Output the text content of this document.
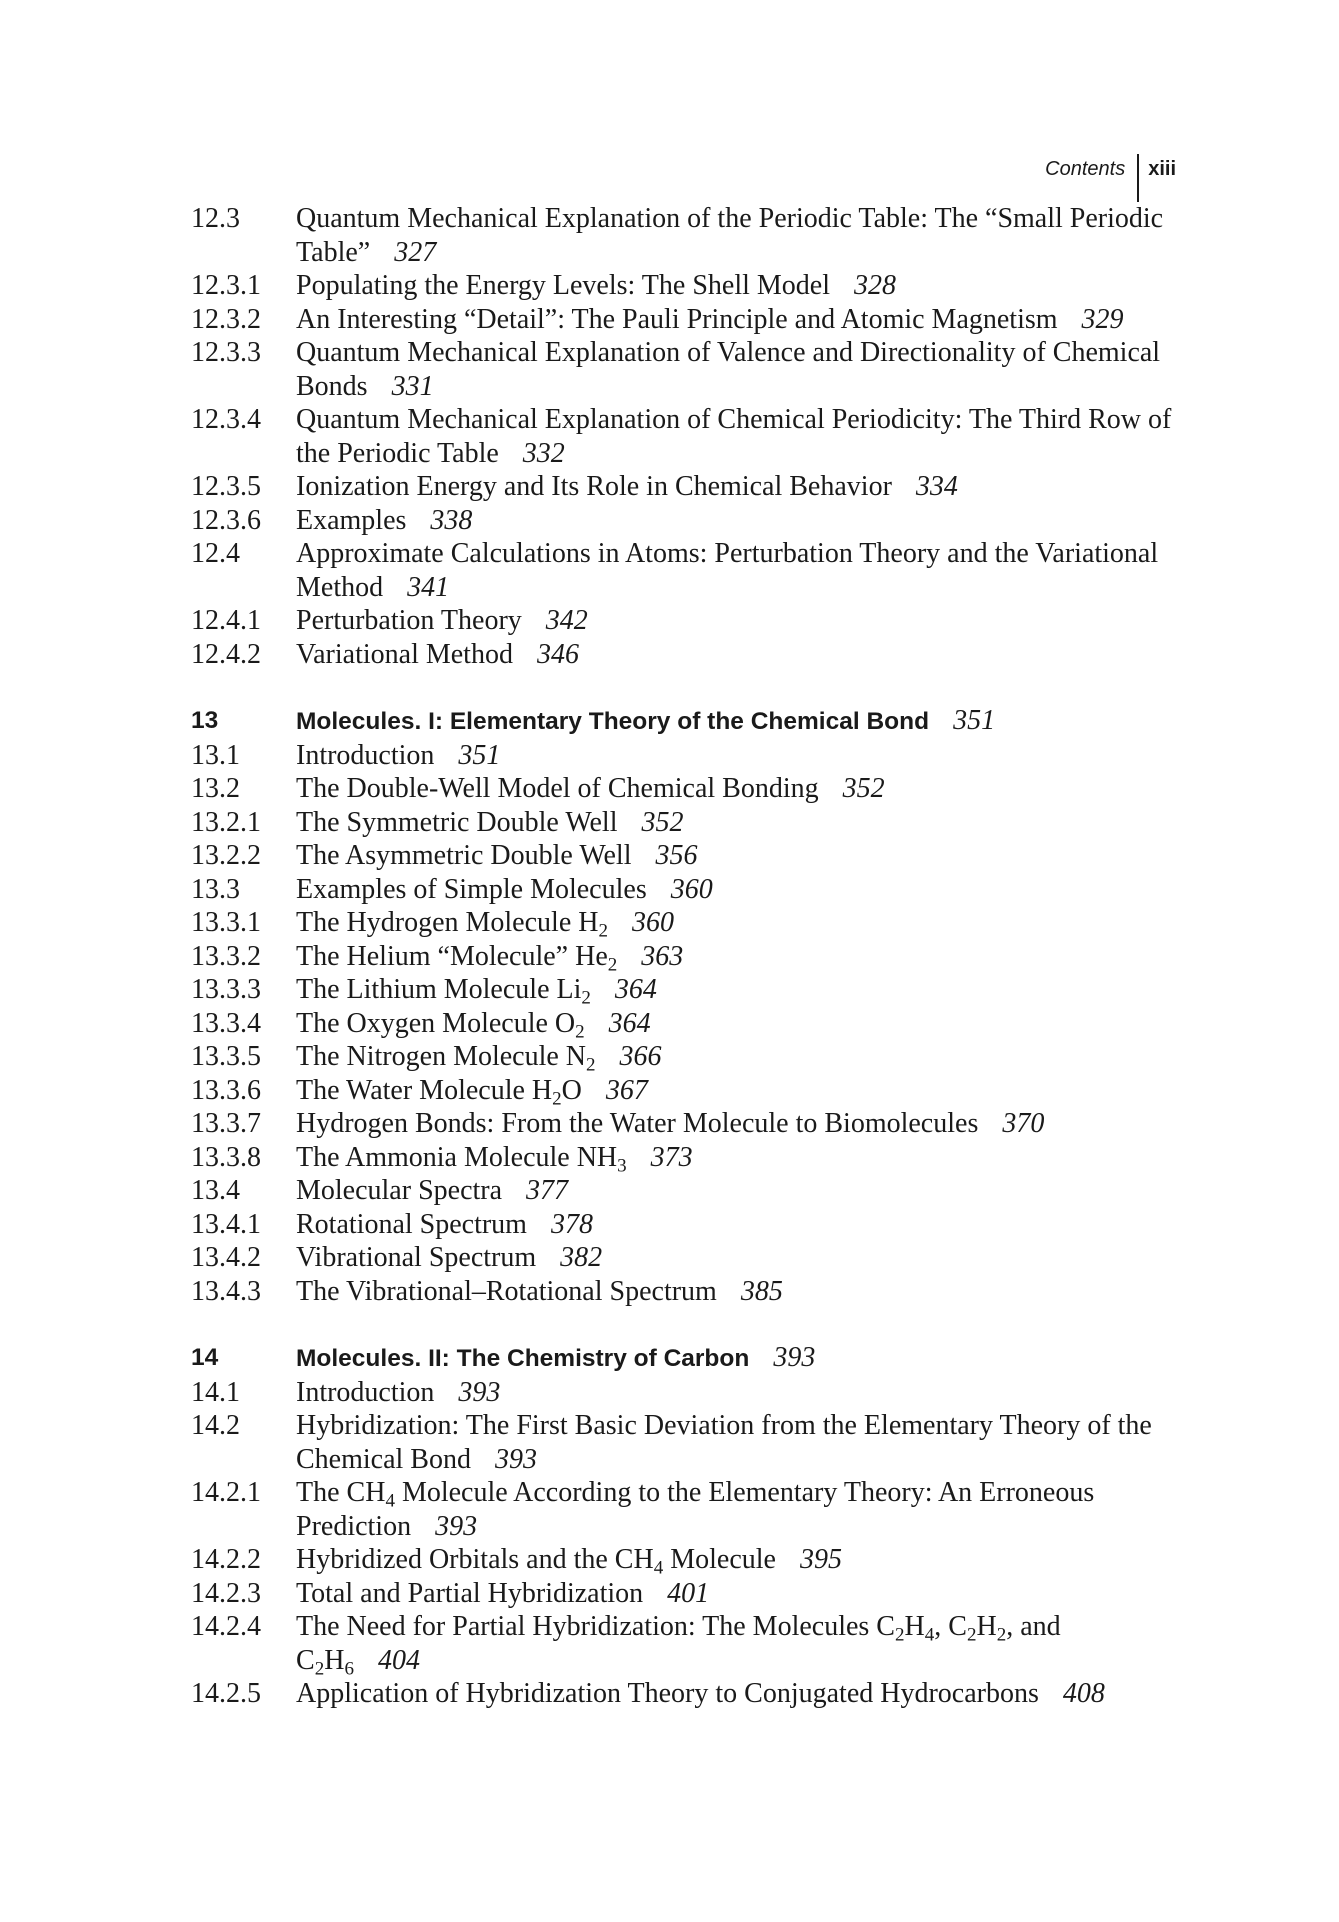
Contents xiii
12.3	Quantum Mechanical Explanation of the Periodic Table: The “Small Periodic Table” 327
12.3.1	Populating the Energy Levels: The Shell Model 328
12.3.2	An Interesting “Detail”: The Pauli Principle and Atomic Magnetism 329
12.3.3	Quantum Mechanical Explanation of Valence and Directionality of Chemical Bonds 331
12.3.4	Quantum Mechanical Explanation of Chemical Periodicity: The Third Row of the Periodic Table 332
12.3.5	Ionization Energy and Its Role in Chemical Behavior 334
12.3.6	Examples 338
12.4	Approximate Calculations in Atoms: Perturbation Theory and the Variational Method 341
12.4.1	Perturbation Theory 342
12.4.2	Variational Method 346
13	Molecules. I: Elementary Theory of the Chemical Bond 351
13.1	Introduction 351
13.2	The Double-Well Model of Chemical Bonding 352
13.2.1	The Symmetric Double Well 352
13.2.2	The Asymmetric Double Well 356
13.3	Examples of Simple Molecules 360
13.3.1	The Hydrogen Molecule $H_2$ 360
13.3.2	The Helium “Molecule” $He_2$ 363
13.3.3	The Lithium Molecule $Li_2$ 364
13.3.4	The Oxygen Molecule $O_2$ 364
13.3.5	The Nitrogen Molecule $N_2$ 366
13.3.6	The Water Molecule $H_2O$ 367
13.3.7	Hydrogen Bonds: From the Water Molecule to Biomolecules 370
13.3.8	The Ammonia Molecule $NH_3$ 373
13.4	Molecular Spectra 377
13.4.1	Rotational Spectrum 378
13.4.2	Vibrational Spectrum 382
13.4.3	The Vibrational–Rotational Spectrum 385
14	Molecules. II: The Chemistry of Carbon 393
14.1	Introduction 393
14.2	Hybridization: The First Basic Deviation from the Elementary Theory of the Chemical Bond 393
14.2.1	The $CH_4$ Molecule According to the Elementary Theory: An Erroneous Prediction 393
14.2.2	Hybridized Orbitals and the $CH_4$ Molecule 395
14.2.3	Total and Partial Hybridization 401
14.2.4	The Need for Partial Hybridization: The Molecules $C_2H_4$, $C_2H_2$, and $C_2H_6$ 404
14.2.5	Application of Hybridization Theory to Conjugated Hydrocarbons 408
